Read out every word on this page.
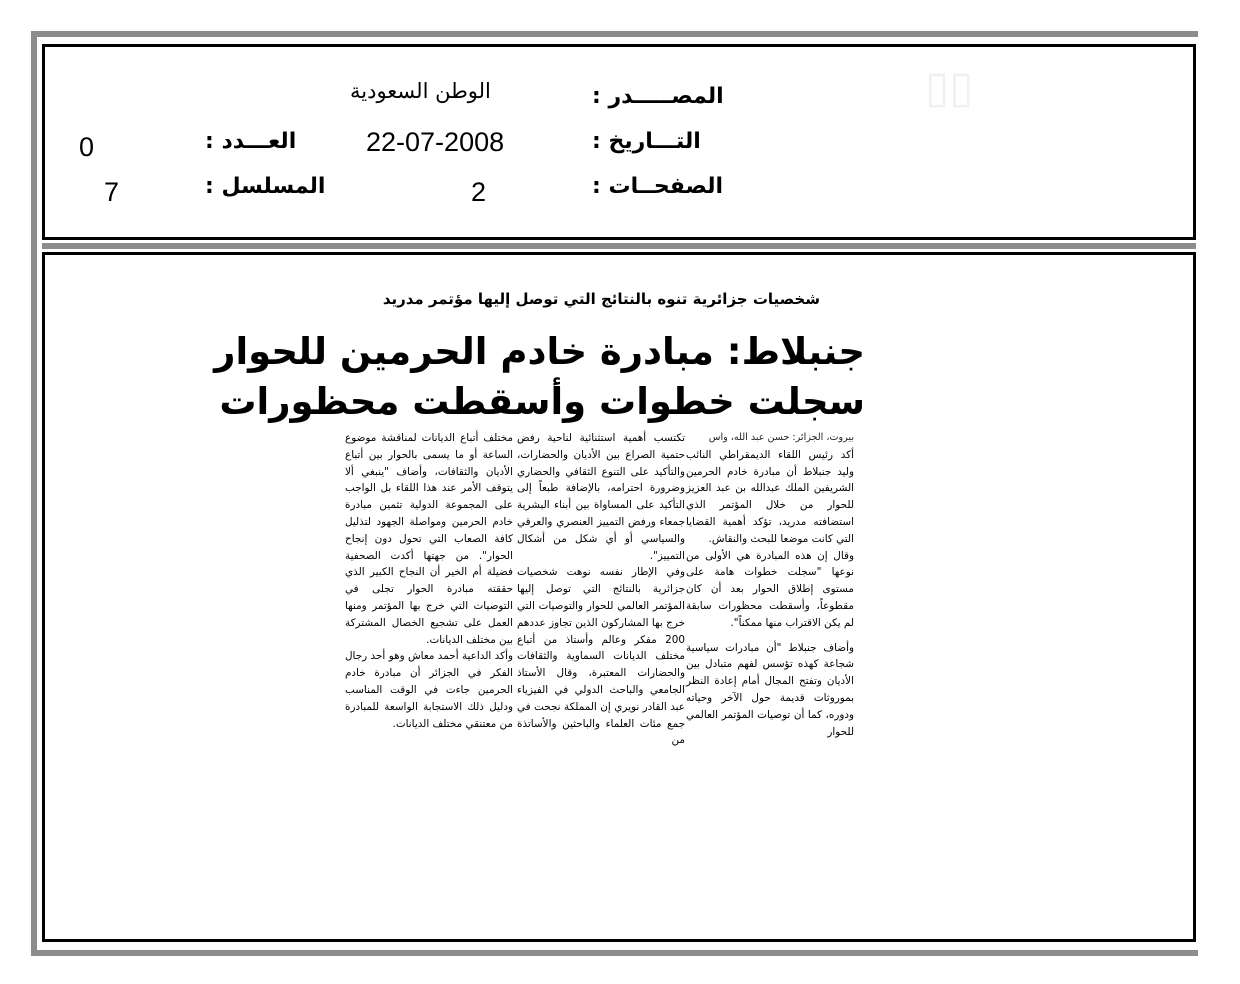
▯▯
المصـــــدر :
الوطن السعودية
التـــاريخ :
22-07-2008
الصفحــات :
2
العـــدد :
0
المسلسل :
7
شخصيات جزائرية تنوه بالنتائج التي توصل إليها مؤتمر مدريد
جنبلاط: مبادرة خادم الحرمين للحوار
سجلت خطوات وأسقطت محظورات

بيروت، الجزائر: حسن عبد الله، واس

أكد رئيس اللقاء الديمقراطي النائب وليد جنبلاط أن مبادرة خادم الحرمين الشريفين الملك عبدالله بن عبد العزيز للحوار من خلال المؤتمر الذي استضافته مدريد، تؤكد أهمية القضايا التي كانت موضعا للبحث والنقاش.

وقال إن هذه المبادرة هي الأولى من نوعها "سجلت خطوات هامة على مستوى إطلاق الحوار بعد أن كان مقطوعاً، وأسقطت محظورات سابقة لم يكن الاقتراب منها ممكناً".

وأضاف جنبلاط "أن مبادرات سياسية شجاعة كهذه تؤسس لفهم متبادل بين الأديان وتفتح المجال أمام إعادة النظر بموروثات قديمة حول الآخر وحياته ودوره، كما أن توصيات المؤتمر العالمي للحوار

تكتسب أهمية استثنائية لناحية رفض حتمية الصراع بين الأديان والحضارات، والتأكيد على التنوع الثقافي والحضاري وضرورة احترامه، بالإضافة طبعاً إلى التأكيد على المساواة بين أبناء البشرية جمعاء ورفض التمييز العنصري والعرقي والسياسي أو أي شكل من أشكال التمييز".

وفي الإطار نفسه نوهت شخصيات جزائرية بالنتائج التي توصل إليها المؤتمر العالمي للحوار والتوصيات التي خرج بها المشاركون الذين تجاوز عددهم 200 مفكر وعالم وأستاذ من أتباع مختلف الديانات السماوية والثقافات والحضارات المعتبرة، وقال الأستاذ الجامعي والباحث الدولي في الفيزياء عبد القادر نويري إن المملكة نجحت في جمع مئات العلماء والباحثين والأساتذة من

مختلف أتباع الديانات لمناقشة موضوع الساعة أو ما يسمى بالحوار بين أتباع الأديان والثقافات، وأضاف "ينبغي ألا يتوقف الأمر عند هذا اللقاء بل الواجب على المجموعة الدولية تثمين مبادرة خادم الحرمين ومواصلة الجهود لتذليل كافة الصعاب التي تحول دون إنجاح الحوار". من جهتها أكدت الصحفية فضيلة أم الخير أن النجاح الكبير الذي حققته مبادرة الحوار تجلى في التوصيات التي خرج بها المؤتمر ومنها العمل على تشجيع الخصال المشتركة بين مختلف الديانات.

وأكد الداعية أحمد معاش وهو أحد رجال الفكر في الجزائر أن مبادرة خادم الحرمين جاءت في الوقت المناسب ودليل ذلك الاستجابة الواسعة للمبادرة من معتنقي مختلف الديانات.
